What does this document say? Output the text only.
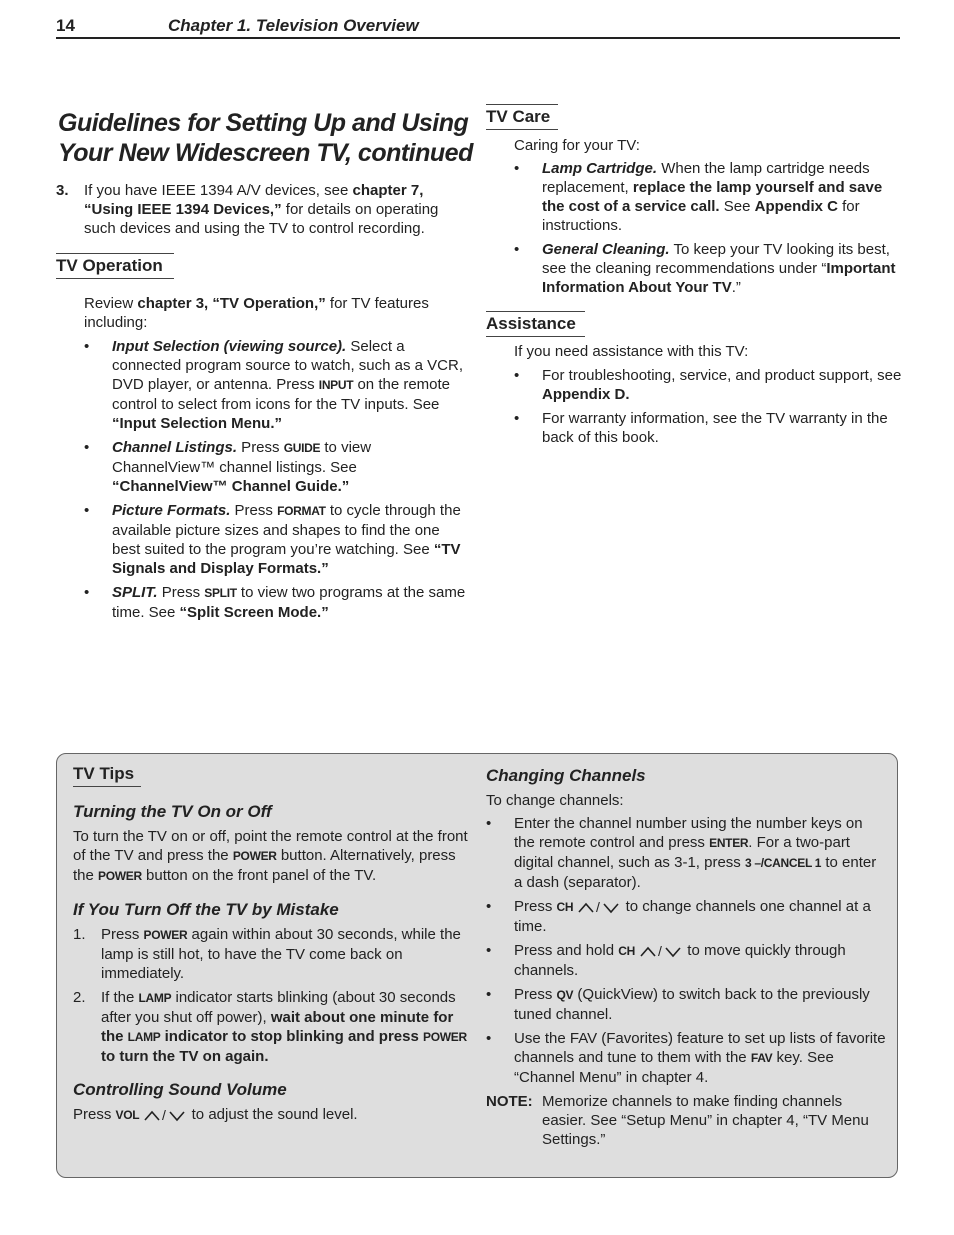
14	Chapter 1. Television Overview
Guidelines for Setting Up and Using Your New Widescreen TV, continued
3. If you have IEEE 1394 A/V devices, see chapter 7, “Using IEEE 1394 Devices,” for details on operating such devices and using the TV to control recording.
TV Operation

Review chapter 3, “TV Operation,” for TV features including:

• Input Selection (viewing source). Select a connected program source to watch, such as a VCR, DVD player, or antenna. Press INPUT on the remote control to select from icons for the TV inputs. See “Input Selection Menu.”
• Channel Listings. Press GUIDE to view ChannelView™ channel listings. See “ChannelView™ Channel Guide.”
• Picture Formats. Press FORMAT to cycle through the available picture sizes and shapes to find the one best suited to the program you’re watching. See “TV Signals and Display Formats.”
• SPLIT. Press SPLIT to view two programs at the same time. See “Split Screen Mode.”
TV Care

Caring for your TV:

• Lamp Cartridge. When the lamp cartridge needs replacement, replace the lamp yourself and save the cost of a service call. See Appendix C for instructions.
• General Cleaning. To keep your TV looking its best, see the cleaning recommendations under “Important Information About Your TV.”
Assistance

If you need assistance with this TV:

• For troubleshooting, service, and product support, see Appendix D.
• For warranty information, see the TV warranty in the back of this book.
TV Tips
Turning the TV On or Off

To turn the TV on or off, point the remote control at the front of the TV and press the POWER button. Alternatively, press the POWER button on the front panel of the TV.

If You Turn Off the TV by Mistake
1. Press POWER again within about 30 seconds, while the lamp is still hot, to have the TV come back on immediately.
2. If the LAMP indicator starts blinking (about 30 seconds after you shut off power), wait about one minute for the LAMP indicator to stop blinking and press POWER to turn the TV on again.
Controlling Sound Volume

Press VOL / to adjust the sound level.

Changing Channels

To change channels:

• Enter the channel number using the number keys on the remote control and press ENTER. For a two-part digital channel, such as 3-1, press 3 –/CANCEL 1 to enter a dash (separator).
• Press CH / to change channels one channel at a time.
• Press and hold CH / to move quickly through channels.
• Press QV (QuickView) to switch back to the previously tuned channel.
• Use the FAV (Favorites) feature to set up lists of favorite channels and tune to them with the FAV key. See “Channel Menu” in chapter 4.
NOTE: Memorize channels to make finding channels easier. See “Setup Menu” in chapter 4, “TV Menu Settings.”
